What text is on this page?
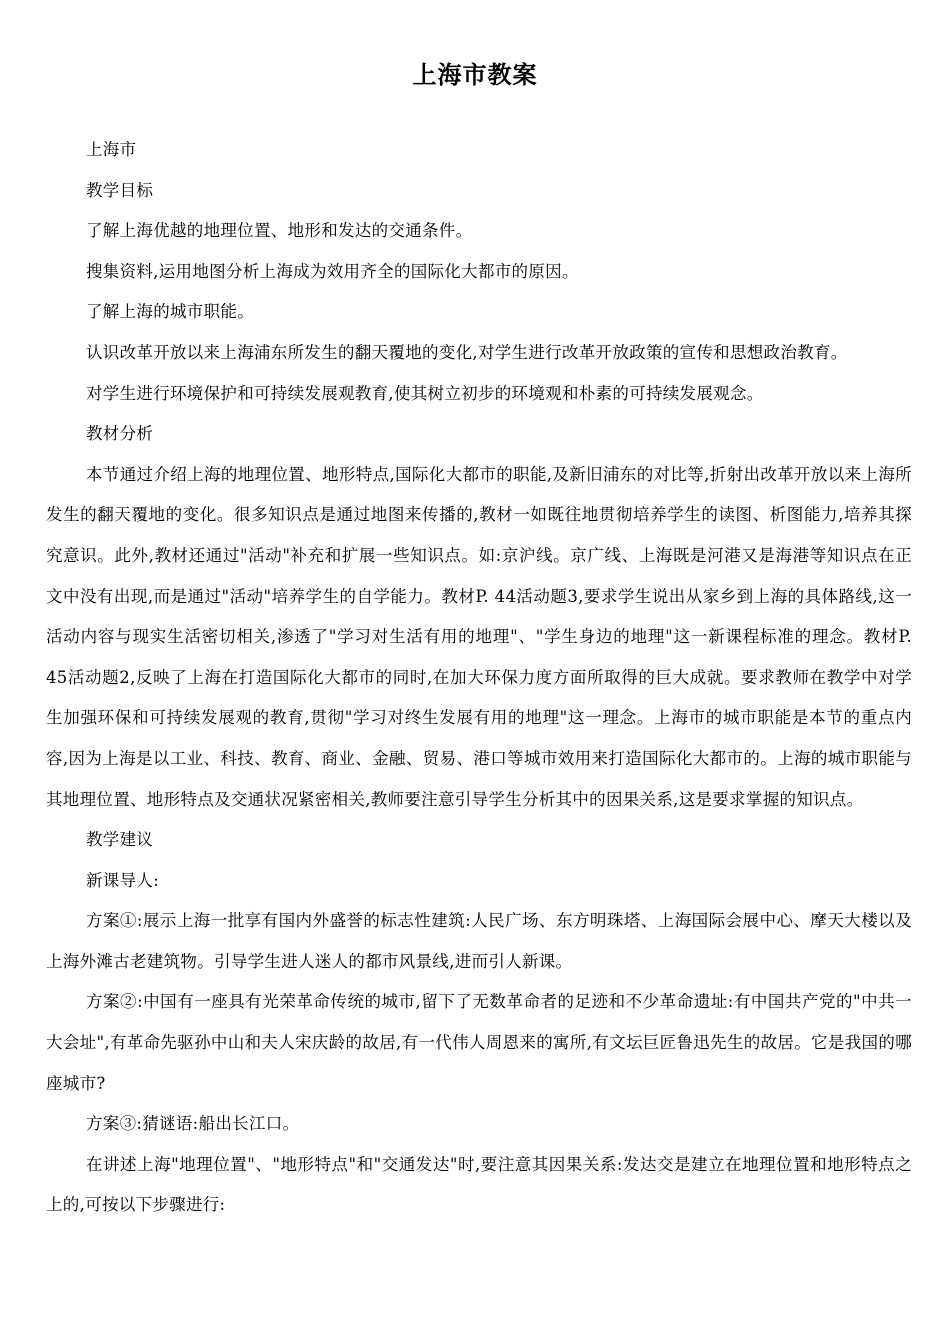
上海市教案

上海市

教学目标

了解上海优越的地理位置、地形和发达的交通条件。

搜集资料,运用地图分析上海成为效用齐全的国际化大都市的原因。

了解上海的城市职能。

认识改革开放以来上海浦东所发生的翻天覆地的变化,对学生进行改革开放政策的宣传和思想政治教育。

对学生进行环境保护和可持续发展观教育,使其树立初步的环境观和朴素的可持续发展观念。

教材分析

本节通过介绍上海的地理位置、地形特点,国际化大都市的职能,及新旧浦东的对比等,折射出改革开放以来上海所发生的翻天覆地的变化。很多知识点是通过地图来传播的,教材一如既往地贯彻培养学生的读图、析图能力,培养其探究意识。此外,教材还通过"活动"补充和扩展一些知识点。如:京沪线。京广线、上海既是河港又是海港等知识点在正文中没有出现,而是通过"活动"培养学生的自学能力。教材P. 44活动题3,要求学生说出从家乡到上海的具体路线,这一活动内容与现实生活密切相关,渗透了"学习对生活有用的地理"、"学生身边的地理"这一新课程标准的理念。教材P. 45活动题2,反映了上海在打造国际化大都市的同时,在加大环保力度方面所取得的巨大成就。要求教师在教学中对学生加强环保和可持续发展观的教育,贯彻"学习对终生发展有用的地理"这一理念。上海市的城市职能是本节的重点内容,因为上海是以工业、科技、教育、商业、金融、贸易、港口等城市效用来打造国际化大都市的。上海的城市职能与其地理位置、地形特点及交通状况紧密相关,教师要注意引导学生分析其中的因果关系,这是要求掌握的知识点。

教学建议

新课导人:

方案①:展示上海一批享有国内外盛誉的标志性建筑:人民广场、东方明珠塔、上海国际会展中心、摩天大楼以及上海外滩古老建筑物。引导学生进人迷人的都市风景线,进而引人新课。

方案②:中国有一座具有光荣革命传统的城市,留下了无数革命者的足迹和不少革命遗址:有中国共产党的"中共一大会址",有革命先驱孙中山和夫人宋庆龄的故居,有一代伟人周恩来的寓所,有文坛巨匠鲁迅先生的故居。它是我国的哪座城市?

方案③:猜谜语:船出长江口。

在讲述上海"地理位置"、"地形特点"和"交通发达"时,要注意其因果关系:发达交是建立在地理位置和地形特点之上的,可按以下步骤进行:
